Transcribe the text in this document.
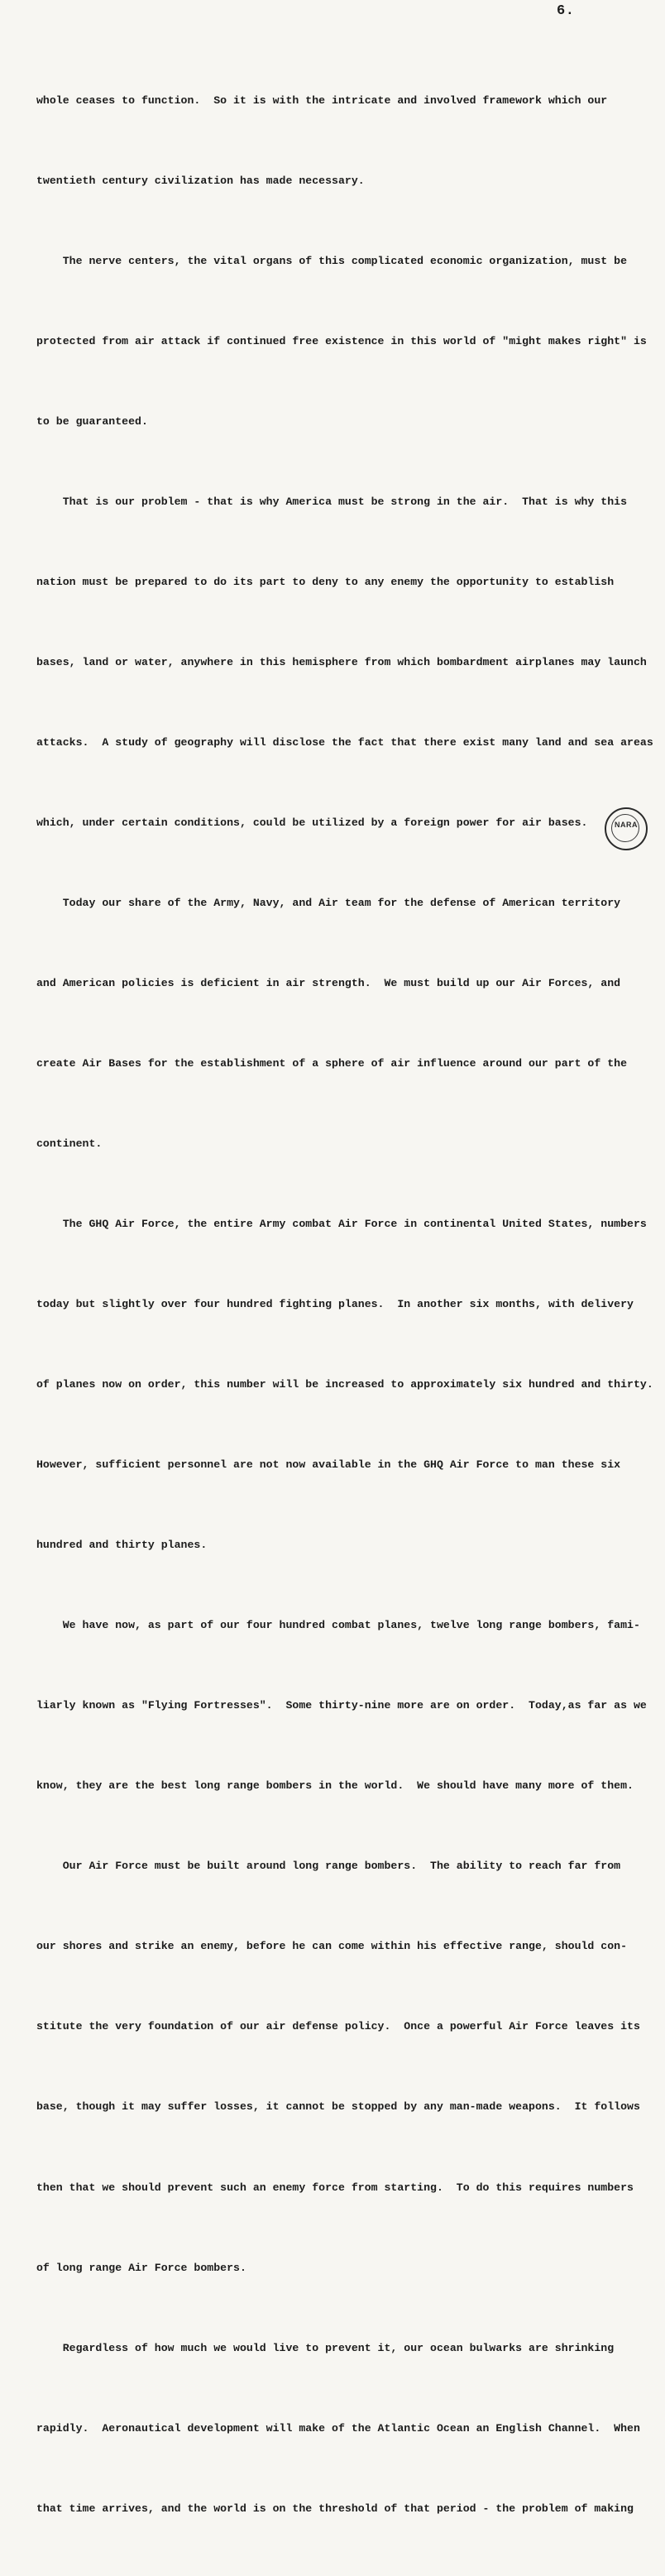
6.

whole ceases to function.  So it is with the intricate and involved framework which our

twentieth century civilization has made necessary.

The nerve centers, the vital organs of this complicated economic organization, must be

protected from air attack if continued free existence in this world of "might makes right" is

to be guaranteed.

That is our problem - that is why America must be strong in the air.  That is why this

nation must be prepared to do its part to deny to any enemy the opportunity to establish

bases, land or water, anywhere in this hemisphere from which bombardment airplanes may launch

attacks.  A study of geography will disclose the fact that there exist many land and sea areas

which, under certain conditions, could be utilized by a foreign power for air bases.

Today our share of the Army, Navy, and Air team for the defense of American territory

and American policies is deficient in air strength.  We must build up our Air Forces, and

create Air Bases for the establishment of a sphere of air influence around our part of the

continent.

The GHQ Air Force, the entire Army combat Air Force in continental United States, numbers

today but slightly over four hundred fighting planes.  In another six months, with delivery

of planes now on order, this number will be increased to approximately six hundred and thirty.

However, sufficient personnel are not now available in the GHQ Air Force to man these six

hundred and thirty planes.

We have now, as part of our four hundred combat planes, twelve long range bombers, fami-

liarly known as "Flying Fortresses".  Some thirty-nine more are on order.  Today,as far as we

know, they are the best long range bombers in the world.  We should have many more of them.

Our Air Force must be built around long range bombers.  The ability to reach far from

our shores and strike an enemy, before he can come within his effective range, should con-

stitute the very foundation of our air defense policy.  Once a powerful Air Force leaves its

base, though it may suffer losses, it cannot be stopped by any man-made weapons.  It follows

then that we should prevent such an enemy force from starting.  To do this requires numbers

of long range Air Force bombers.

Regardless of how much we would live to prevent it, our ocean bulwarks are shrinking

rapidly.  Aeronautical development will make of the Atlantic Ocean an English Channel.  When

that time arrives, and the world is on the threshold of that period - the problem of making

NARA
